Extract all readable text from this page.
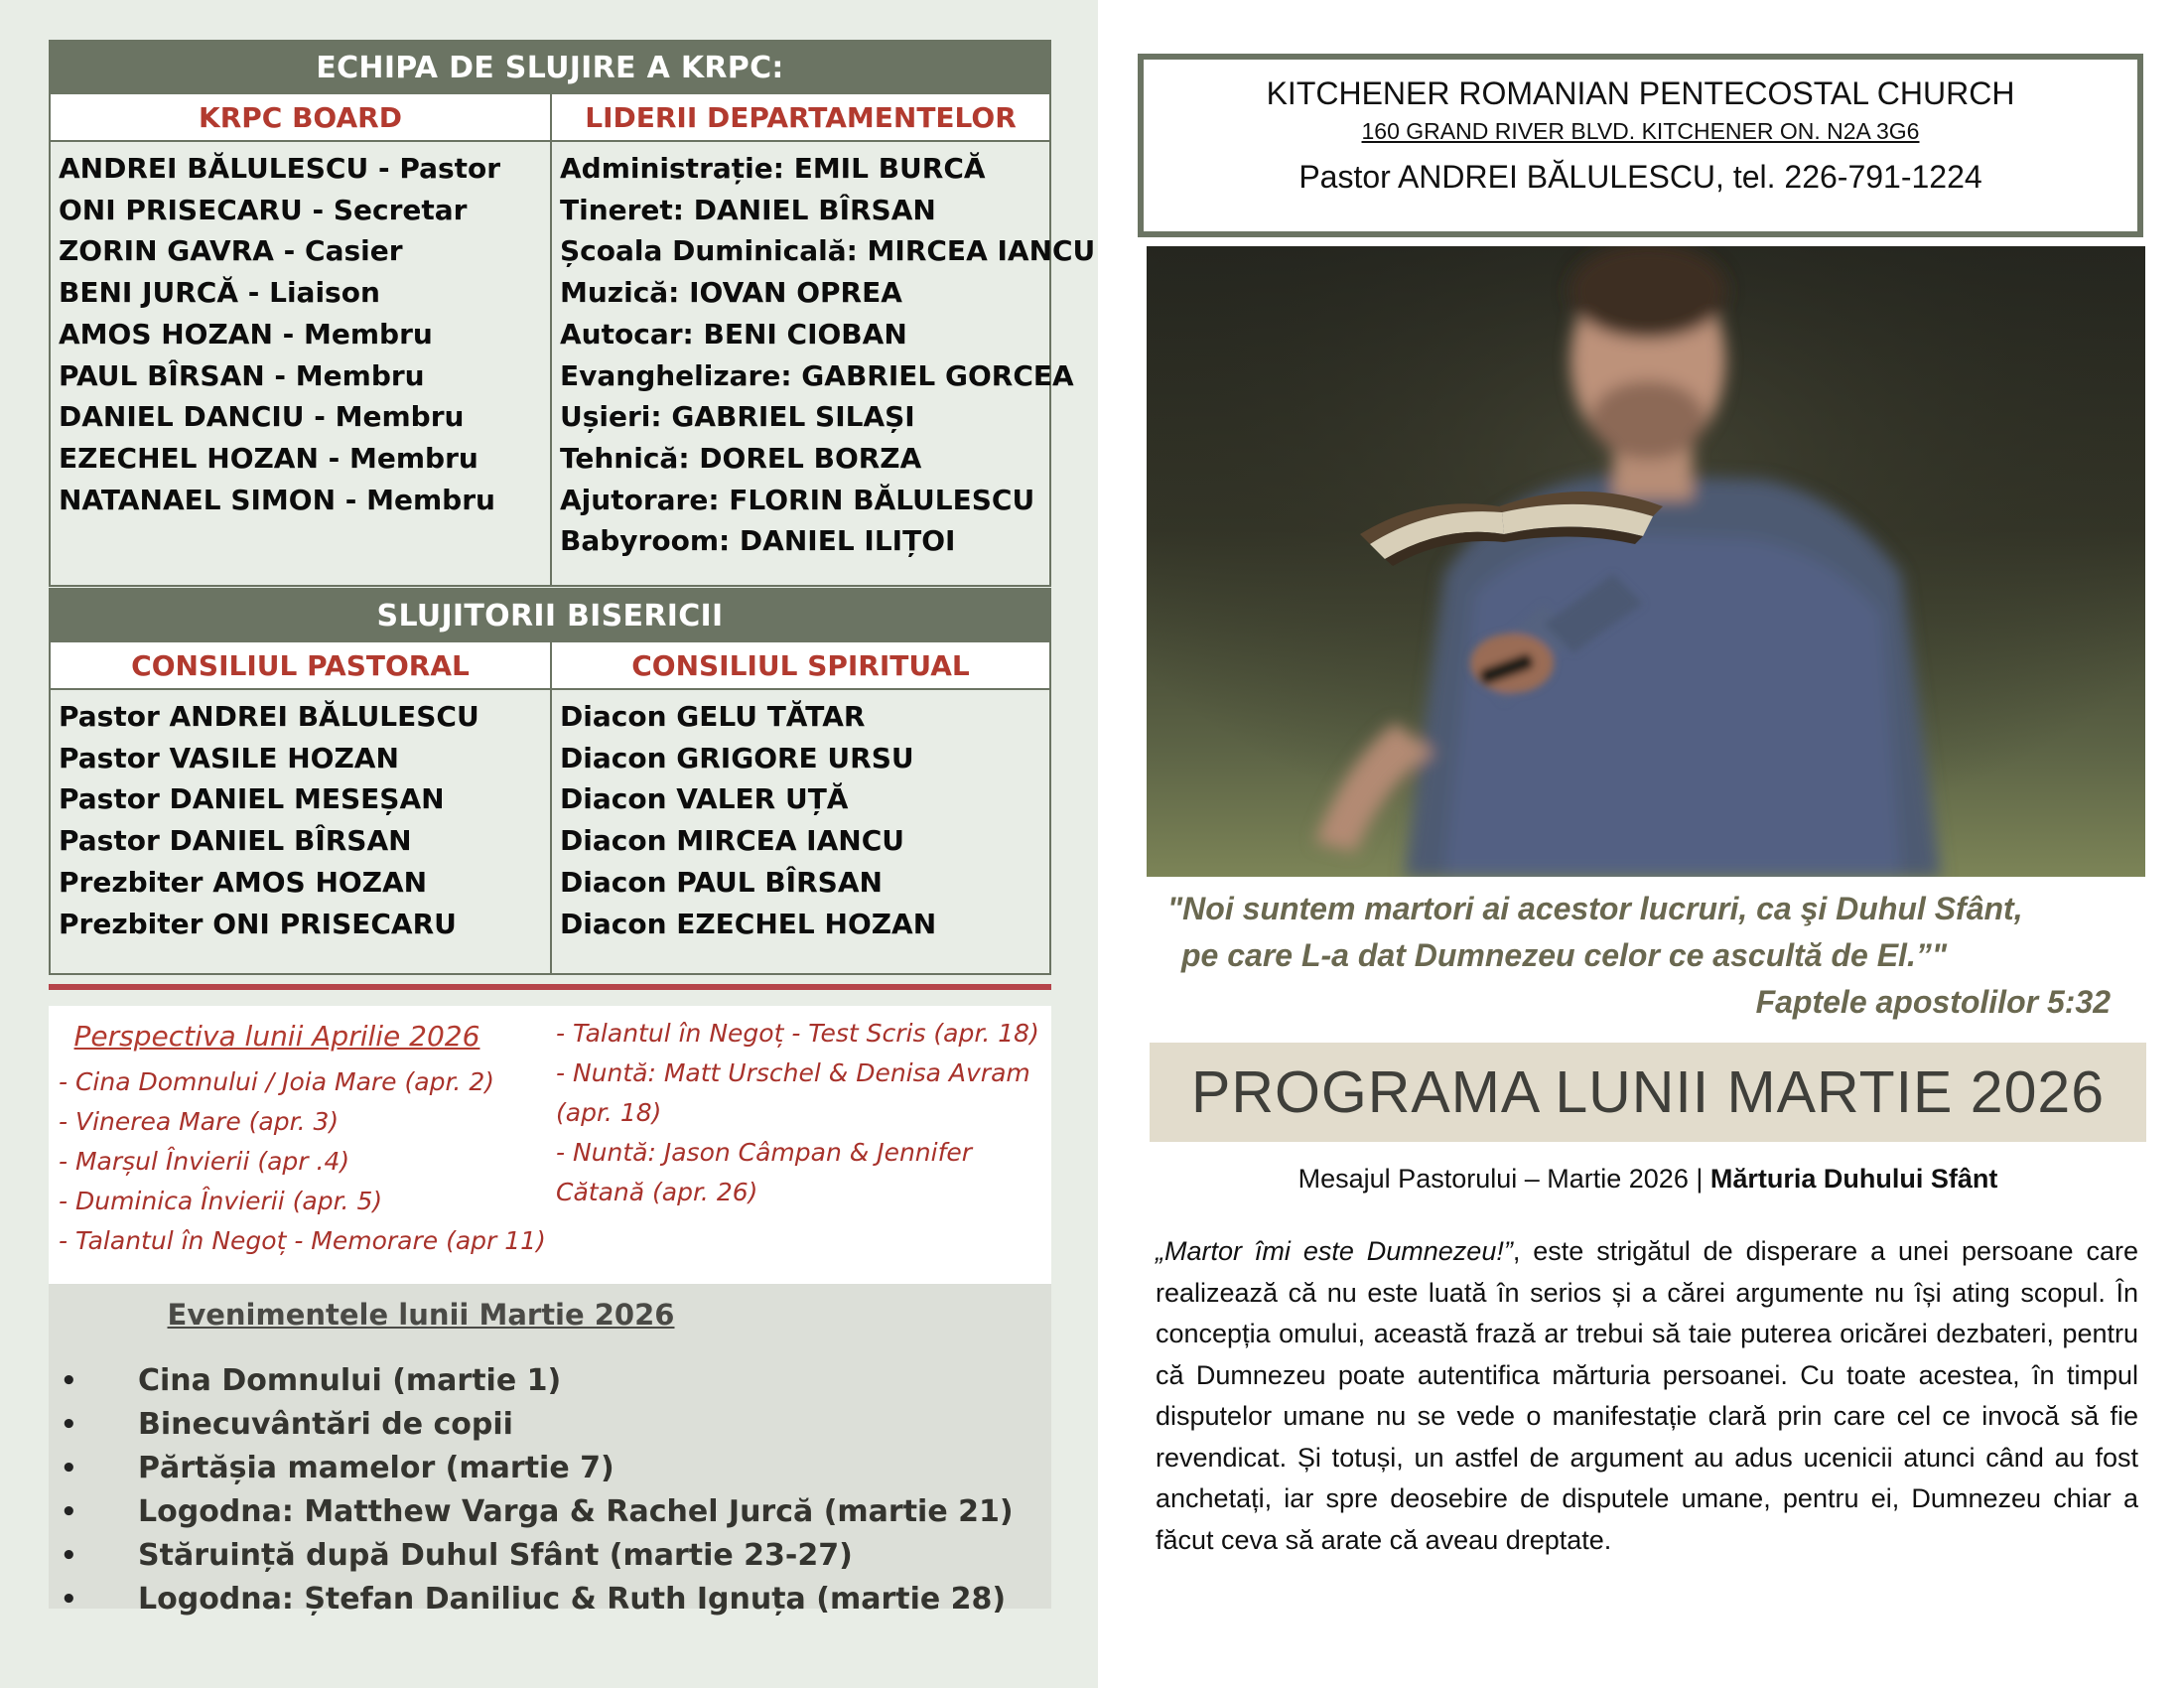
ECHIPA DE SLUJIRE A KRPC:
KRPC BOARD	LIDERII DEPARTAMENTELOR
ANDREI BĂLULESCU - Pastor
ONI PRISECARU - Secretar
ZORIN GAVRA - Casier
BENI JURCĂ - Liaison
AMOS HOZAN - Membru
PAUL BÎRSAN - Membru
DANIEL DANCIU - Membru
EZECHEL HOZAN - Membru
NATANAEL SIMON - Membru
Administrație: EMIL BURCĂ
Tineret: DANIEL BÎRSAN
Școala Duminicală: MIRCEA IANCU
Muzică: IOVAN OPREA
Autocar: BENI CIOBAN
Evanghelizare: GABRIEL GORCEA
Ușieri: GABRIEL SILAȘI
Tehnică: DOREL BORZA
Ajutorare: FLORIN BĂLULESCU
Babyroom: DANIEL ILIȚOI
SLUJITORII BISERICII
CONSILIUL PASTORAL	CONSILIUL SPIRITUAL
Pastor ANDREI BĂLULESCU
Pastor VASILE HOZAN
Pastor DANIEL MESEȘAN
Pastor DANIEL BÎRSAN
Prezbiter AMOS HOZAN
Prezbiter ONI PRISECARU
Diacon GELU TĂTAR
Diacon GRIGORE URSU
Diacon VALER UȚĂ
Diacon MIRCEA IANCU
Diacon PAUL BÎRSAN
Diacon EZECHEL HOZAN
Perspectiva lunii Aprilie 2026
- Cina Domnului / Joia Mare (apr. 2)
- Vinerea Mare (apr. 3)
- Marșul Învierii (apr .4)
- Duminica Învierii (apr. 5)
- Talantul în Negoț - Memorare (apr 11)
- Talantul în Negoț - Test Scris (apr. 18)
- Nuntă: Matt Urschel & Denisa Avram (apr. 18)
- Nuntă: Jason Câmpan & Jennifer Cătană (apr. 26)
Evenimentele lunii Martie 2026
• Cina Domnului (martie 1)
• Binecuvântări de copii
• Părtășia mamelor (martie 7)
• Logodna: Matthew Varga & Rachel Jurcă (martie 21)
• Stăruință după Duhul Sfânt (martie 23-27)
• Logodna: Ștefan Daniliuc & Ruth Ignuța (martie 28)
KITCHENER ROMANIAN PENTECOSTAL CHURCH
160 GRAND RIVER BLVD. KITCHENER ON. N2A 3G6
Pastor ANDREI BĂLULESCU, tel. 226-791-1224
"Noi suntem martori ai acestor lucruri, ca şi Duhul Sfânt,
pe care L-a dat Dumnezeu celor ce ascultă de El.”"
Faptele apostolilor 5:32
PROGRAMA LUNII MARTIE 2026
Mesajul Pastorului – Martie 2026 | Mărturia Duhului Sfânt
„Martor îmi este Dumnezeu!”, este strigătul de disperare a unei persoane care realizează că nu este luată în serios și a cărei argumente nu își ating scopul. În concepția omului, această frază ar trebui să taie puterea oricărei dezbateri, pentru că Dumnezeu poate autentifica mărturia persoanei. Cu toate acestea, în timpul disputelor umane nu se vede o manifestație clară prin care cel ce invocă să fie revendicat. Și totuși, un astfel de argument au adus ucenicii atunci când au fost anchetați, iar spre deosebire de disputele umane, pentru ei, Dumnezeu chiar a făcut ceva să arate că aveau dreptate.
